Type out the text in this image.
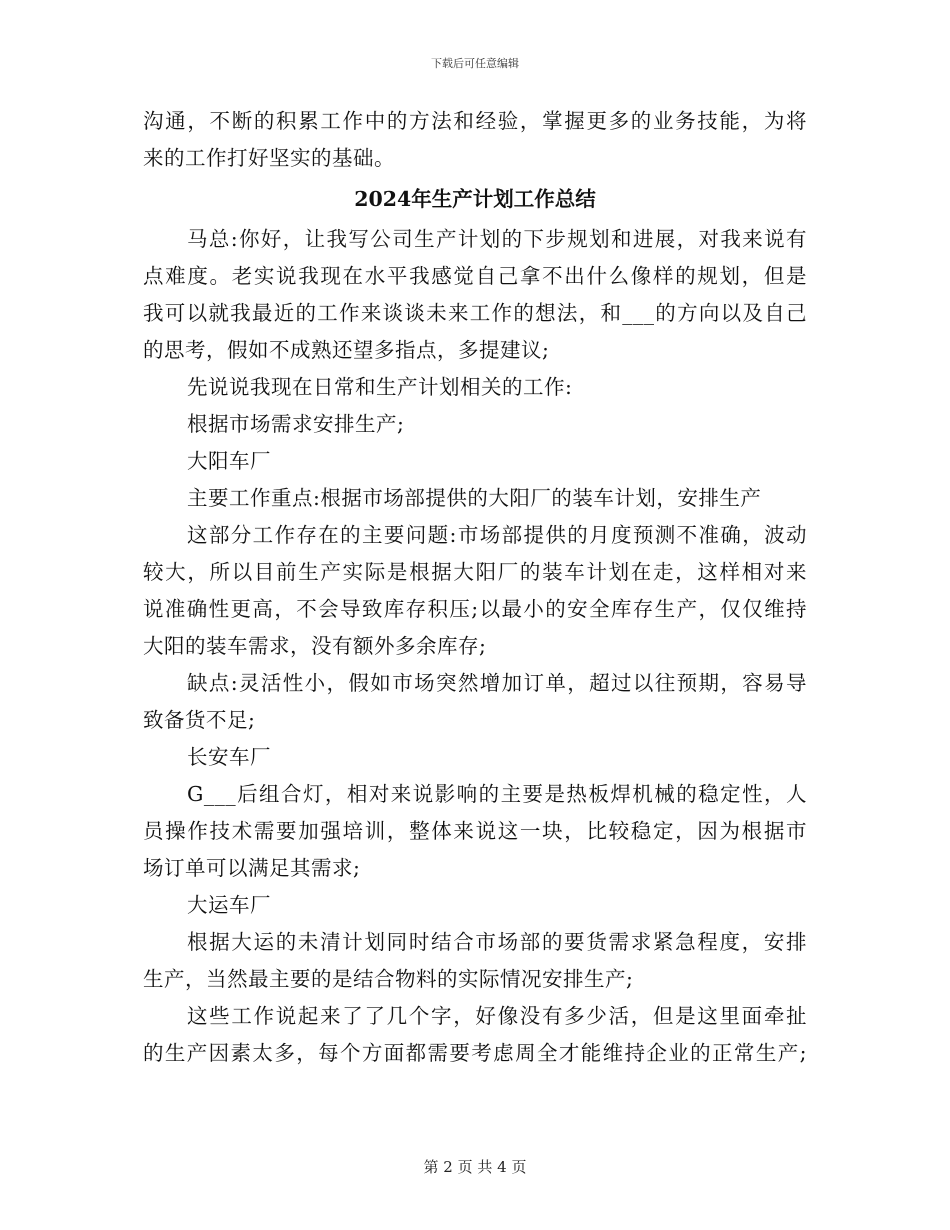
下载后可任意编辑
沟通，不断的积累工作中的方法和经验，掌握更多的业务技能，为将
来的工作打好坚实的基础。
2024年生产计划工作总结
马总:你好，让我写公司生产计划的下步规划和进展，对我来说有
点难度。老实说我现在水平我感觉自己拿不出什么像样的规划，但是
我可以就我最近的工作来谈谈未来工作的想法，和___的方向以及自己
的思考，假如不成熟还望多指点，多提建议;
先说说我现在日常和生产计划相关的工作:
根据市场需求安排生产;
大阳车厂
主要工作重点:根据市场部提供的大阳厂的装车计划，安排生产
这部分工作存在的主要问题:市场部提供的月度预测不准确，波动
较大，所以目前生产实际是根据大阳厂的装车计划在走，这样相对来
说准确性更高，不会导致库存积压;以最小的安全库存生产，仅仅维持
大阳的装车需求，没有额外多余库存;
缺点:灵活性小，假如市场突然增加订单，超过以往预期，容易导
致备货不足;
长安车厂
G___后组合灯，相对来说影响的主要是热板焊机械的稳定性，人
员操作技术需要加强培训，整体来说这一块，比较稳定，因为根据市
场订单可以满足其需求;
大运车厂
根据大运的未清计划同时结合市场部的要货需求紧急程度，安排
生产，当然最主要的是结合物料的实际情况安排生产;
这些工作说起来了了几个字，好像没有多少活，但是这里面牵扯
的生产因素太多，每个方面都需要考虑周全才能维持企业的正常生产;
第 2 页 共 4 页
